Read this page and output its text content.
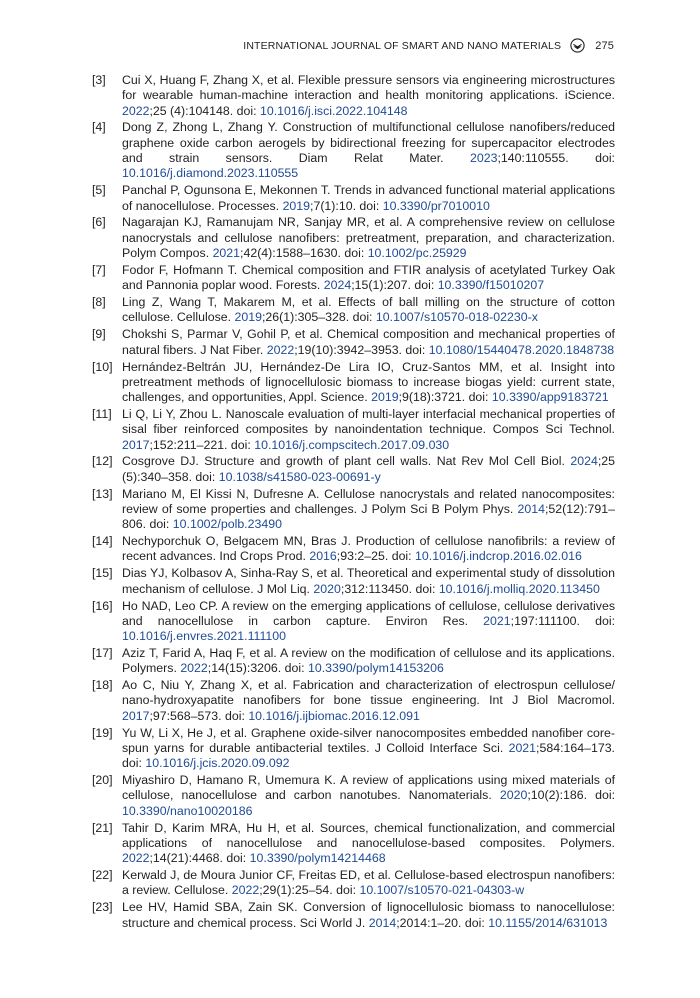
INTERNATIONAL JOURNAL OF SMART AND NANO MATERIALS	275
[3]	Cui X, Huang F, Zhang X, et al. Flexible pressure sensors via engineering microstructures for wearable human-machine interaction and health monitoring applications. iScience. 2022;25 (4):104148. doi: 10.1016/j.isci.2022.104148
[4]	Dong Z, Zhong L, Zhang Y. Construction of multifunctional cellulose nanofibers/reduced graphene oxide carbon aerogels by bidirectional freezing for supercapacitor electrodes and strain sensors. Diam Relat Mater. 2023;140:110555. doi: 10.1016/j.diamond.2023.110555
[5]	Panchal P, Ogunsona E, Mekonnen T. Trends in advanced functional material applications of nanocellulose. Processes. 2019;7(1):10. doi: 10.3390/pr7010010
[6]	Nagarajan KJ, Ramanujam NR, Sanjay MR, et al. A comprehensive review on cellulose nanocrystals and cellulose nanofibers: pretreatment, preparation, and characterization. Polym Compos. 2021;42(4):1588–1630. doi: 10.1002/pc.25929
[7]	Fodor F, Hofmann T. Chemical composition and FTIR analysis of acetylated Turkey Oak and Pannonia poplar wood. Forests. 2024;15(1):207. doi: 10.3390/f15010207
[8]	Ling Z, Wang T, Makarem M, et al. Effects of ball milling on the structure of cotton cellulose. Cellulose. 2019;26(1):305–328. doi: 10.1007/s10570-018-02230-x
[9]	Chokshi S, Parmar V, Gohil P, et al. Chemical composition and mechanical properties of natural fibers. J Nat Fiber. 2022;19(10):3942–3953. doi: 10.1080/15440478.2020.1848738
[10] Hernández-Beltrán JU, Hernández-De Lira IO, Cruz-Santos MM, et al. Insight into pretreatment methods of lignocellulosic biomass to increase biogas yield: current state, challenges, and opportunities, Appl. Science. 2019;9(18):3721. doi: 10.3390/app9183721
[11] Li Q, Li Y, Zhou L. Nanoscale evaluation of multi-layer interfacial mechanical properties of sisal fiber reinforced composites by nanoindentation technique. Compos Sci Technol. 2017;152:211–221. doi: 10.1016/j.compscitech.2017.09.030
[12] Cosgrove DJ. Structure and growth of plant cell walls. Nat Rev Mol Cell Biol. 2024;25 (5):340–358. doi: 10.1038/s41580-023-00691-y
[13] Mariano M, El Kissi N, Dufresne A. Cellulose nanocrystals and related nanocomposites: review of some properties and challenges. J Polym Sci B Polym Phys. 2014;52(12):791–806. doi: 10.1002/polb.23490
[14] Nechyporchuk O, Belgacem MN, Bras J. Production of cellulose nanofibrils: a review of recent advances. Ind Crops Prod. 2016;93:2–25. doi: 10.1016/j.indcrop.2016.02.016
[15] Dias YJ, Kolbasov A, Sinha-Ray S, et al. Theoretical and experimental study of dissolution mechanism of cellulose. J Mol Liq. 2020;312:113450. doi: 10.1016/j.molliq.2020.113450
[16] Ho NAD, Leo CP. A review on the emerging applications of cellulose, cellulose derivatives and nanocellulose in carbon capture. Environ Res. 2021;197:111100. doi: 10.1016/j.envres.2021.111100
[17] Aziz T, Farid A, Haq F, et al. A review on the modification of cellulose and its applications. Polymers. 2022;14(15):3206. doi: 10.3390/polym14153206
[18] Ao C, Niu Y, Zhang X, et al. Fabrication and characterization of electrospun cellulose/ nano-hydroxyapatite nanofibers for bone tissue engineering. Int J Biol Macromol. 2017;97:568–573. doi: 10.1016/j.ijbiomac.2016.12.091
[19] Yu W, Li X, He J, et al. Graphene oxide-silver nanocomposites embedded nanofiber core-spun yarns for durable antibacterial textiles. J Colloid Interface Sci. 2021;584:164–173. doi: 10.1016/j.jcis.2020.09.092
[20] Miyashiro D, Hamano R, Umemura K. A review of applications using mixed materials of cellulose, nanocellulose and carbon nanotubes. Nanomaterials. 2020;10(2):186. doi: 10.3390/nano10020186
[21] Tahir D, Karim MRA, Hu H, et al. Sources, chemical functionalization, and commercial applications of nanocellulose and nanocellulose-based composites. Polymers. 2022;14(21):4468. doi: 10.3390/polym14214468
[22] Kerwald J, de Moura Junior CF, Freitas ED, et al. Cellulose-based electrospun nanofibers: a review. Cellulose. 2022;29(1):25–54. doi: 10.1007/s10570-021-04303-w
[23] Lee HV, Hamid SBA, Zain SK. Conversion of lignocellulosic biomass to nanocellulose: structure and chemical process. Sci World J. 2014;2014:1–20. doi: 10.1155/2014/631013
